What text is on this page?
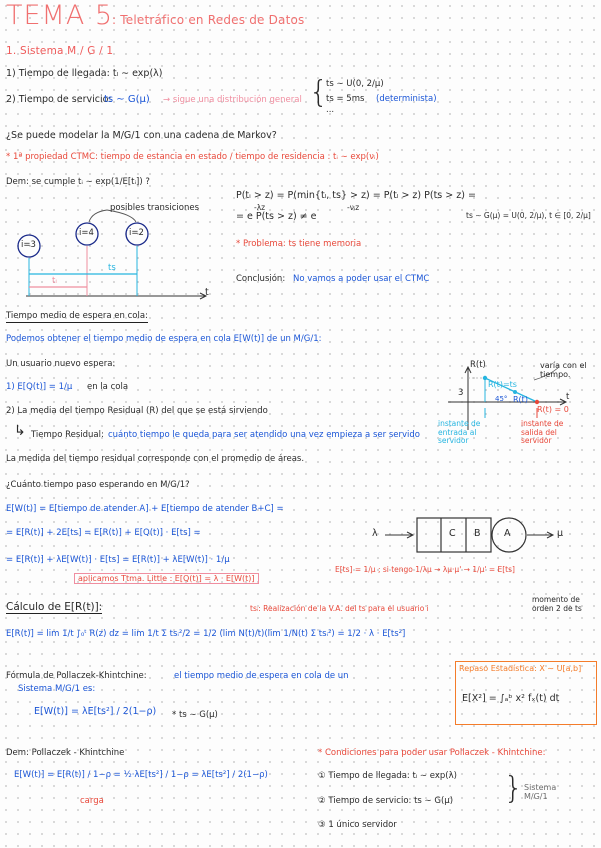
TEMA 5
: Teletráfico en Redes de Datos
1. Sistema M / G / 1
1) Tiempo de llegada: tₗ ∼ exp(λ)
2) Tiempo de servicio:
ts ∼ G(μ) → sigue una distribución general {
ts ∼ U(0, 2/μ)
ts = 5ms
...
(determinista)
¿Se puede modelar la M/G/1 con una cadena de Markov?
* 1ª propiedad CTMC: tiempo de estancia en estado / tiempo de residencia : tᵢ ∼ exp(νᵢ)
Dem: se cumple tᵢ ∼ exp(1/E[tᵢ]) ?
i=3
i=4	i=2
posibles transiciones
ts
tₗ
t
P(tᵢ > z) = P(min{tₗ, ts} > z) = P(tₗ > z) P(ts > z) =
-λz	-νᵢz
= e P(ts > z) ≠ e	ts ∼ G(μ) = U(0, 2/μ), t ∈ [0, 2/μ]
* Problema: ts tiene memoria
Conclusión: No vamos a poder usar el CTMC
Tiempo medio de espera en cola:
Podemos obtener el tiempo medio de espera en cola E[W(t)] de un M/G/1:
Un usuario nuevo espera:
1) E[Q(t)] = 1/μ en la cola
2) La media del tiempo Residual (R) del que se está sirviendo
↳ Tiempo Residual: cuánto tiempo le queda para ser atendido una vez empieza a ser servido
La medida del tiempo residual corresponde con el promedio de áreas.
R(t)
3
varía con el tiempo.
R(t)=ts
R(t)
R(t) = 0
45°
instante de entrada al servidor
instante de salida del servidor
t
¿Cuánto tiempo paso esperando en M/G/1?
E[W(t)] = E[tiempo de atender A] + E[tiempo de atender B+C] =
= E[R(t)] + 2E[ts] = E[R(t)] + E[Q(t)] · E[ts] =
= E[R(t)] + λE[W(t)] · E[ts] = E[R(t)] + λE[W(t)] · 1/μ
aplicamos Ttma. Little : E[Q(t)] = λ · E[W(t)]
λ	C B A	μ
E[ts] = 1/μ ; si tengo 1/λμ → λμ·μ' → 1/μ' = E[ts]
Cálculo de E[R(t)]:	tsᵢ: Realización de la V.A. del ts para el usuario i
momento de orden 2 de ts
E[R(t)] = lim 1/t ∫₀ᵗ R(z) dz = lim 1/t Σ tsᵢ²/2 = 1/2 (lim N(t)/t)(lim 1/N(t) Σ tsᵢ²) = 1/2 · λ · E[ts²]
Fórmula de Pollaczek-Khintchine:	el tiempo medio de espera en cola de un
Sistema M/G/1 es:
E[W(t)] = λE[ts²] / 2(1−ρ) * ts ∼ G(μ)
Repaso Estadística: X ∼ U[a,b]
E[X²] = ∫ₐᵇ x² fₓ(t) dt
Dem: Pollaczek - Khintchine
E[W(t)] = E[R(t)] / 1−ρ = ½·λE[ts²] / 1−ρ = λE[ts²] / 2(1−ρ)
carga
* Condiciones para poder usar Pollaczek - Khintchine:
① Tiempo de llegada: tₗ ∼ exp(λ)
② Tiempo de servicio: ts ∼ G(μ)
③ 1 único servidor
} Sistema M/G/1
